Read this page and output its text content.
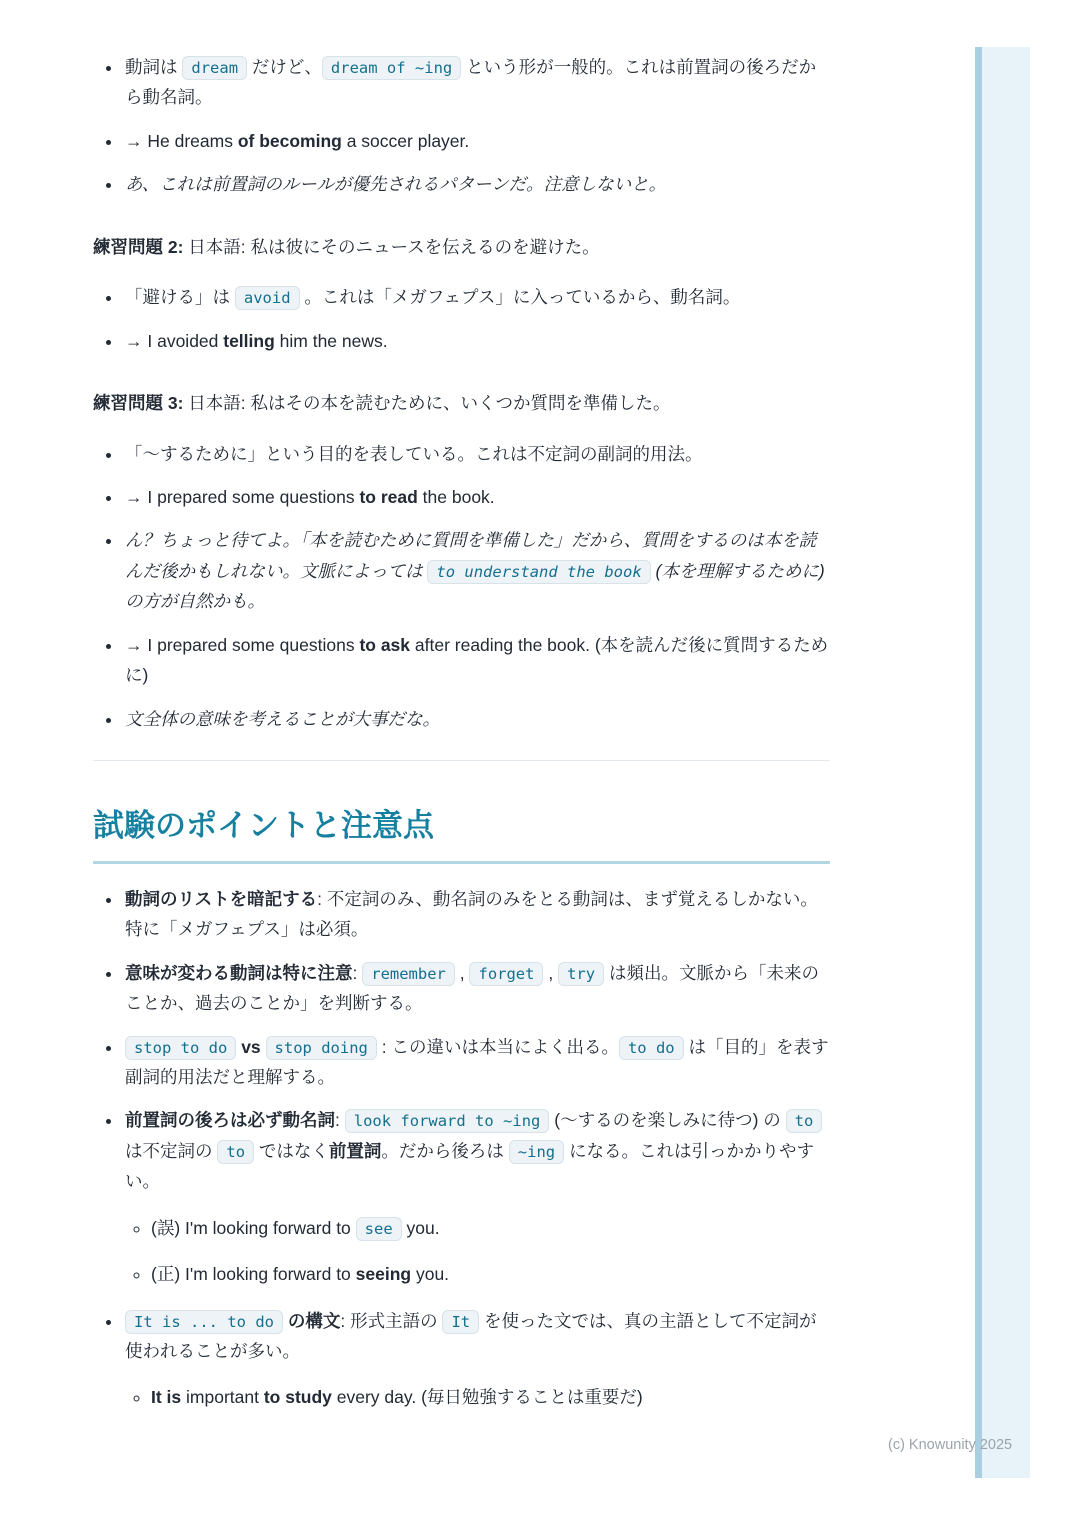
• 動詞は dream だけど、 dream of ~ing という形が一般的。これは前置詞の後ろだから動名詞。
• → He dreams of becoming a soccer player.
• あ、これは前置詞のルールが優先されるパターンだ。注意しないと。

練習問題 2: 日本語: 私は彼にそのニュースを伝えるのを避けた。

• 「避ける」は avoid 。これは「メガフェプス」に入っているから、動名詞。
• → I avoided telling him the news.

練習問題 3: 日本語: 私はその本を読むために、いくつか質問を準備した。

• 「〜するために」という目的を表している。これは不定詞の副詞的用法。
• → I prepared some questions to read the book.
• ん？ちょっと待てよ。「本を読むために質問を準備した」だから、質問をするのは本を読んだ後かもしれない。文脈によっては to understand the book (本を理解するために) の方が自然かも。
• → I prepared some questions to ask after reading the book. (本を読んだ後に質問するために)
• 文全体の意味を考えることが大事だな。
試験のポイントと注意点
• 動詞のリストを暗記する: 不定詞のみ、動名詞のみをとる動詞は、まず覚えるしかない。特に「メガフェプス」は必須。
• 意味が変わる動詞は特に注意: remember , forget , try は頻出。文脈から「未来のことか、過去のことか」を判断する。
• stop to do vs stop doing : この違いは本当によく出る。 to do は「目的」を表す副詞的用法だと理解する。
• 前置詞の後ろは必ず動名詞: look forward to ~ing (〜するのを楽しみに待つ) の to は不定詞の to ではなく前置詞。だから後ろは ~ing になる。これは引っかかりやすい。
◦ (誤) I'm looking forward to see you.
◦ (正) I'm looking forward to seeing you.
• It is ... to do の構文: 形式主語の It を使った文では、真の主語として不定詞が使われることが多い。
◦ It is important to study every day. (毎日勉強することは重要だ)
(c) Knowunity 2025
